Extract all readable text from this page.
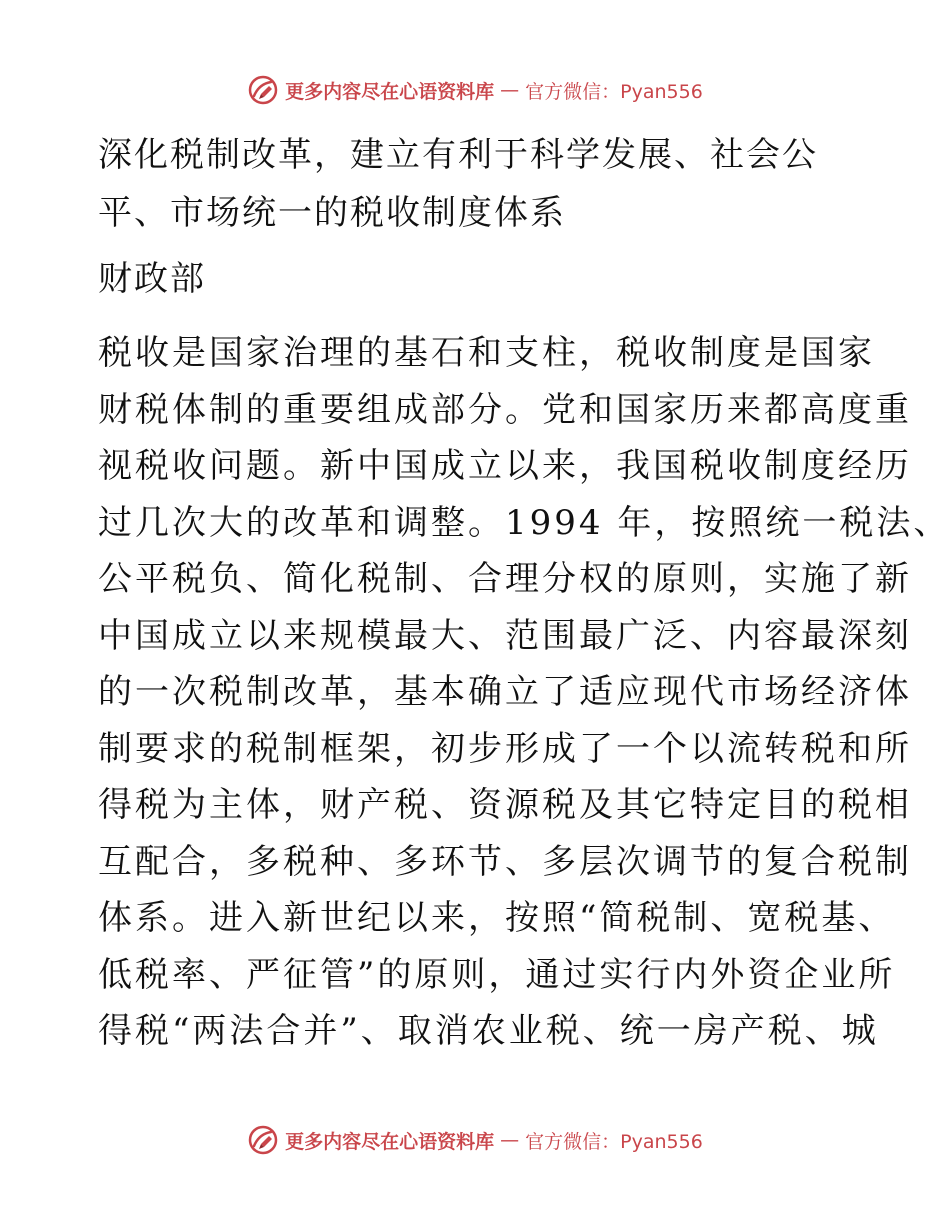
更多内容尽在心语资料库 — 官方微信：Pyan556
深化税制改革，建立有利于科学发展、社会公
平、市场统一的税收制度体系

财政部

税收是国家治理的基石和支柱，税收制度是国家
财税体制的重要组成部分。党和国家历来都高度重
视税收问题。新中国成立以来，我国税收制度经历
过几次大的改革和调整。1994 年，按照统一税法、
公平税负、简化税制、合理分权的原则，实施了新
中国成立以来规模最大、范围最广泛、内容最深刻
的一次税制改革，基本确立了适应现代市场经济体
制要求的税制框架，初步形成了一个以流转税和所
得税为主体，财产税、资源税及其它特定目的税相
互配合，多税种、多环节、多层次调节的复合税制
体系。进入新世纪以来，按照“简税制、宽税基、
低税率、严征管”的原则，通过实行内外资企业所
得税“两法合并”、取消农业税、统一房产税、城
更多内容尽在心语资料库 — 官方微信：Pyan556
